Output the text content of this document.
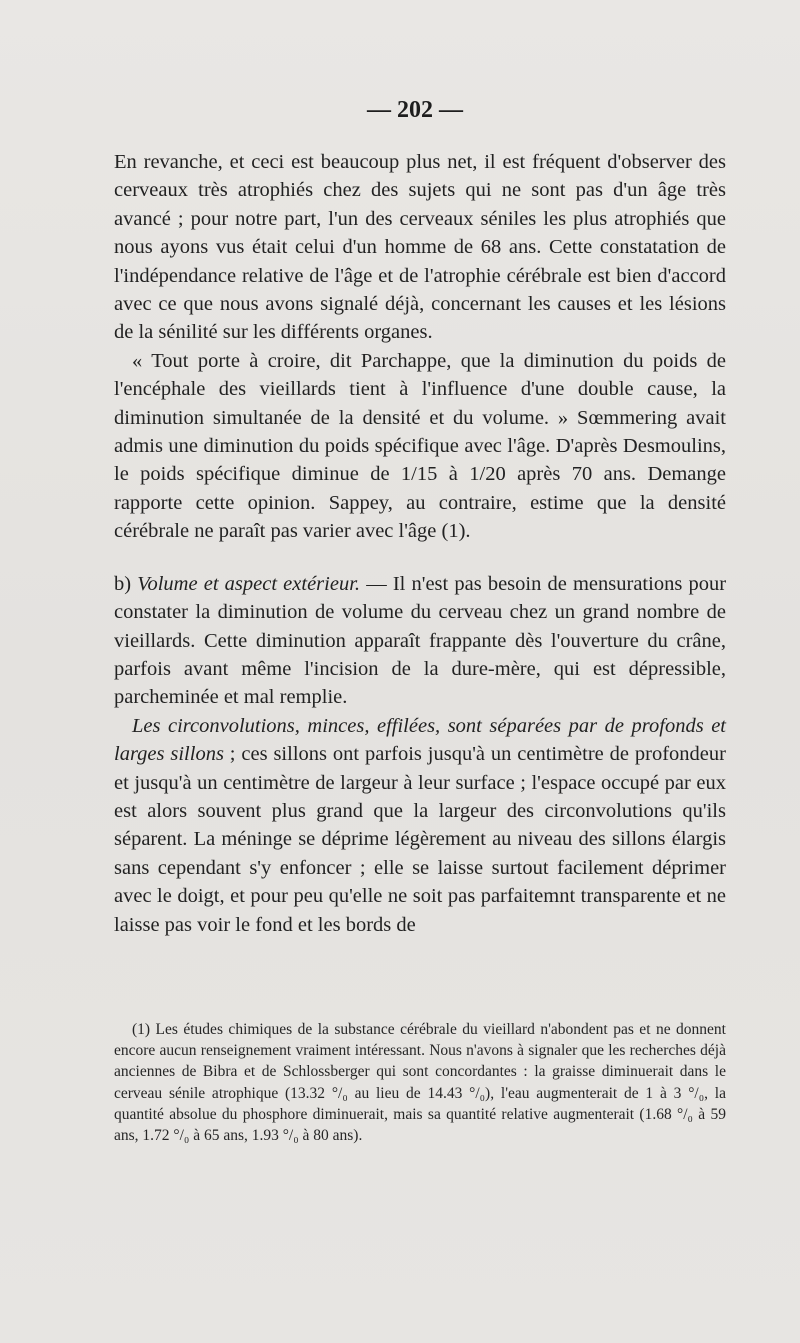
— 202 —

En revanche, et ceci est beaucoup plus net, il est fréquent d'observer des cerveaux très atrophiés chez des sujets qui ne sont pas d'un âge très avancé ; pour notre part, l'un des cerveaux séniles les plus atrophiés que nous ayons vus était celui d'un homme de 68 ans. Cette constatation de l'indépendance relative de l'âge et de l'atrophie cérébrale est bien d'accord avec ce que nous avons signalé déjà, concernant les causes et les lésions de la sénilité sur les différents organes.

« Tout porte à croire, dit Parchappe, que la diminution du poids de l'encéphale des vieillards tient à l'influence d'une double cause, la diminution simultanée de la densité et du volume. » Sœmmering avait admis une diminution du poids spécifique avec l'âge. D'après Desmoulins, le poids spécifique diminue de 1/15 à 1/20 après 70 ans. Demange rapporte cette opinion. Sappey, au contraire, estime que la densité cérébrale ne paraît pas varier avec l'âge (1).

b) Volume et aspect extérieur. — Il n'est pas besoin de mensurations pour constater la diminution de volume du cerveau chez un grand nombre de vieillards. Cette diminution apparaît frappante dès l'ouverture du crâne, parfois avant même l'incision de la dure-mère, qui est dépressible, parcheminée et mal remplie.

Les circonvolutions, minces, effilées, sont séparées par de profonds et larges sillons ; ces sillons ont parfois jusqu'à un centimètre de profondeur et jusqu'à un centimètre de largeur à leur surface ; l'espace occupé par eux est alors souvent plus grand que la largeur des circonvolutions qu'ils séparent. La méninge se déprime légèrement au niveau des sillons élargis sans cependant s'y enfoncer ; elle se laisse surtout facilement déprimer avec le doigt, et pour peu qu'elle ne soit pas parfaitemnt transparente et ne laisse pas voir le fond et les bords de

(1) Les études chimiques de la substance cérébrale du vieillard n'abondent pas et ne donnent encore aucun renseignement vraiment intéressant. Nous n'avons à signaler que les recherches déjà anciennes de Bibra et de Schlossberger qui sont concordantes : la graisse diminuerait dans le cerveau sénile atrophique (13.32 °/₀ au lieu de 14.43 °/₀), l'eau augmenterait de 1 à 3 °/₀, la quantité absolue du phosphore diminuerait, mais sa quantité relative augmenterait (1.68 °/₀ à 59 ans, 1.72 °/₀ à 65 ans, 1.93 °/₀ à 80 ans).
